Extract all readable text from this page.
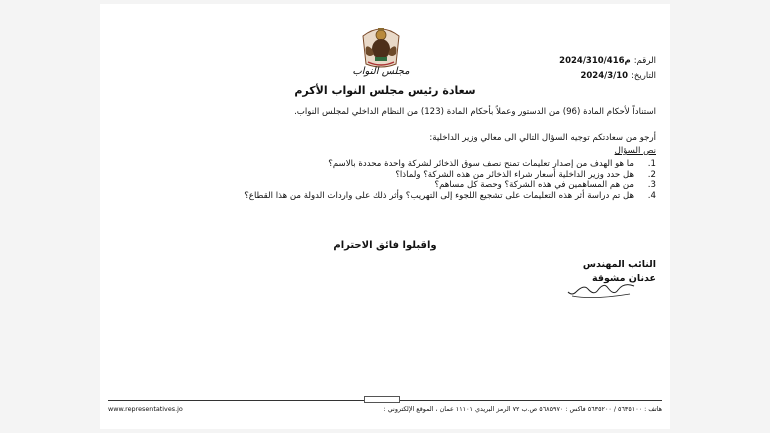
مجلس النواب
الرقم:م2024/310/416
التاريخ:2024/3/10
سعادة رئيس مجلس النواب الأكرم

استناداً لأحكام المادة (96) من الدستور وعملاً بأحكام المادة (123) من النظام الداخلي لمجلس النواب.

أرجو من سعادتكم توجيه السؤال التالي الى معالي وزير الداخلية:
نص السؤال
1.
ما هو الهدف من إصدار تعليمات تمنح نصف سوق الذخائر لشركة واحدة محددة بالاسم؟
2.
هل حدد وزير الداخلية أسعار شراء الذخائر من هذه الشركة؟ ولماذا؟
3.
من هم المساهمين في هذه الشركة؟ وحصة كل مساهم؟
4.
هل تم دراسة أثر هذه التعليمات على تشجيع اللجوء إلى التهريب؟ وأثر ذلك على واردات الدولة من هذا القطاع؟
واقبلوا فائق الاحترام
النائب المهندس
عدنان مشوقة
هاتف : ٥٦٣٥١٠٠ / ٥٦٣٥٢٠٠ فاكس : ٥٦٨٥٩٧٠ ص.ب ٧٢ الرمز البريدي ١١١٠١ عمان ، الموقع الإلكتروني :
www.representatives.jo
